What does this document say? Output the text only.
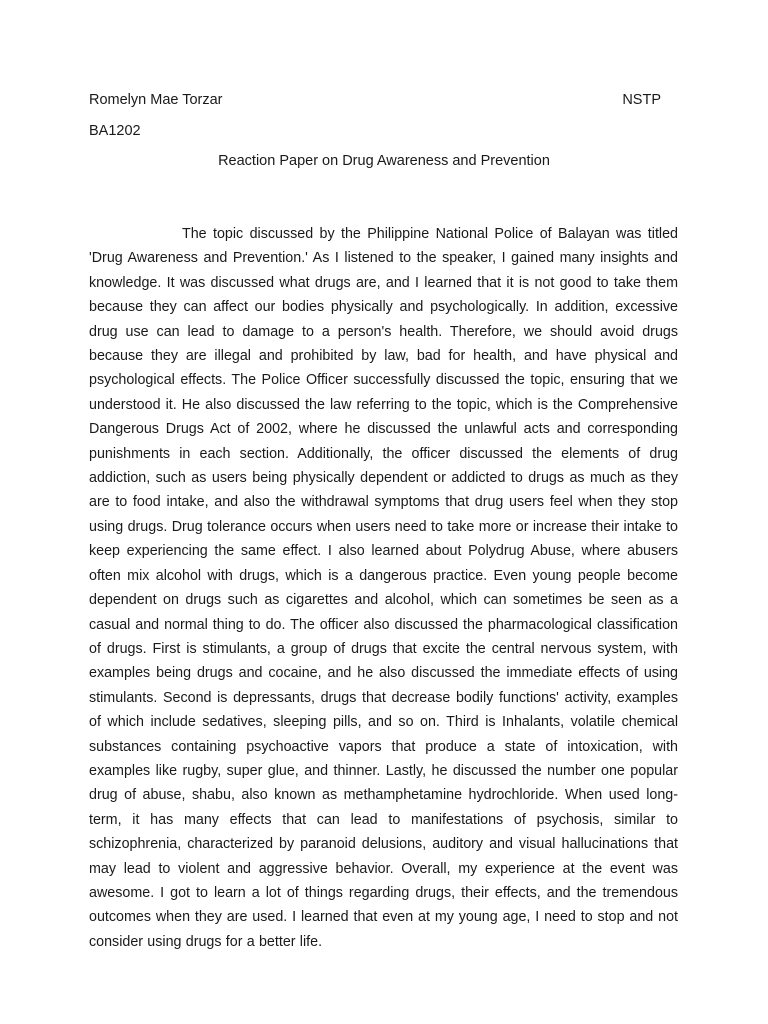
Romelyn Mae Torzar	NSTP
BA1202
Reaction Paper on Drug Awareness and Prevention

The topic discussed by the Philippine National Police of Balayan was titled 'Drug Awareness and Prevention.' As I listened to the speaker, I gained many insights and knowledge. It was discussed what drugs are, and I learned that it is not good to take them because they can affect our bodies physically and psychologically. In addition, excessive drug use can lead to damage to a person's health. Therefore, we should avoid drugs because they are illegal and prohibited by law, bad for health, and have physical and psychological effects. The Police Officer successfully discussed the topic, ensuring that we understood it. He also discussed the law referring to the topic, which is the Comprehensive Dangerous Drugs Act of 2002, where he discussed the unlawful acts and corresponding punishments in each section. Additionally, the officer discussed the elements of drug addiction, such as users being physically dependent or addicted to drugs as much as they are to food intake, and also the withdrawal symptoms that drug users feel when they stop using drugs. Drug tolerance occurs when users need to take more or increase their intake to keep experiencing the same effect. I also learned about Polydrug Abuse, where abusers often mix alcohol with drugs, which is a dangerous practice. Even young people become dependent on drugs such as cigarettes and alcohol, which can sometimes be seen as a casual and normal thing to do. The officer also discussed the pharmacological classification of drugs. First is stimulants, a group of drugs that excite the central nervous system, with examples being drugs and cocaine, and he also discussed the immediate effects of using stimulants. Second is depressants, drugs that decrease bodily functions' activity, examples of which include sedatives, sleeping pills, and so on. Third is Inhalants, volatile chemical substances containing psychoactive vapors that produce a state of intoxication, with examples like rugby, super glue, and thinner. Lastly, he discussed the number one popular drug of abuse, shabu, also known as methamphetamine hydrochloride. When used long-term, it has many effects that can lead to manifestations of psychosis, similar to schizophrenia, characterized by paranoid delusions, auditory and visual hallucinations that may lead to violent and aggressive behavior. Overall, my experience at the event was awesome. I got to learn a lot of things regarding drugs, their effects, and the tremendous outcomes when they are used. I learned that even at my young age, I need to stop and not consider using drugs for a better life.
